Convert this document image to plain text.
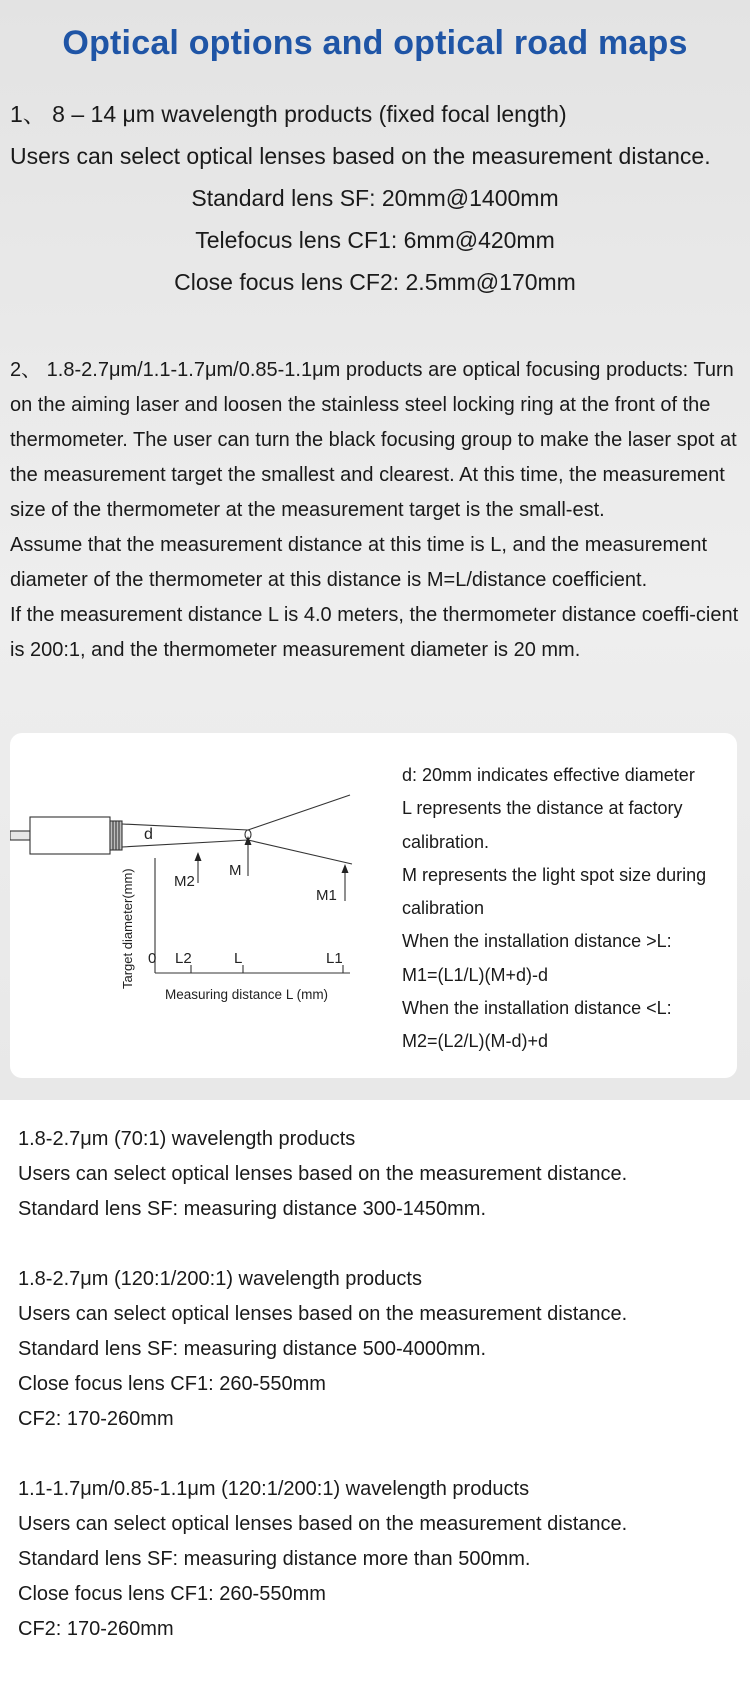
Optical options and optical road maps
1、 8 – 14 μm wavelength products (fixed focal length)
Users can select optical lenses based on the measurement distance.
Standard lens SF: 20mm@1400mm
Telefocus lens CF1: 6mm@420mm
Close focus lens CF2: 2.5mm@170mm

2、 1.8-2.7μm/1.1-1.7μm/0.85-1.1μm products are optical focusing products: Turn on the aiming laser and loosen the stainless steel locking ring at the front of the thermometer. The user can turn the black focusing group to make the laser spot at the measurement target the smallest and clearest. At this time, the measurement size of the thermometer at the measurement target is the small-est.

Assume that the measurement distance at this time is L, and the measurement diameter of the thermometer at this distance is M=L/distance coefficient.

If the measurement distance L is 4.0 meters, the thermometer distance coeffi-cient is 200:1, and the thermometer measurement diameter is 20 mm.

d
M2
M
M1
0 L2	L	L1
Measuring distance L (mm)
Target diameter(mm)
d: 20mm indicates effective diameter
L represents the distance at factory
calibration.
M represents the light spot size during
calibration
When the installation distance >L:
M1=(L1/L)(M+d)-d
When the installation distance <L:
M2=(L2/L)(M-d)+d
1.8-2.7μm (70:1) wavelength products
Users can select optical lenses based on the measurement distance.
Standard lens SF: measuring distance 300-1450mm.
1.8-2.7μm (120:1/200:1) wavelength products
Users can select optical lenses based on the measurement distance.
Standard lens SF: measuring distance 500-4000mm.
Close focus lens CF1: 260-550mm
CF2: 170-260mm
1.1-1.7μm/0.85-1.1μm (120:1/200:1) wavelength products
Users can select optical lenses based on the measurement distance.
Standard lens SF: measuring distance more than 500mm.
Close focus lens CF1: 260-550mm
CF2: 170-260mm
